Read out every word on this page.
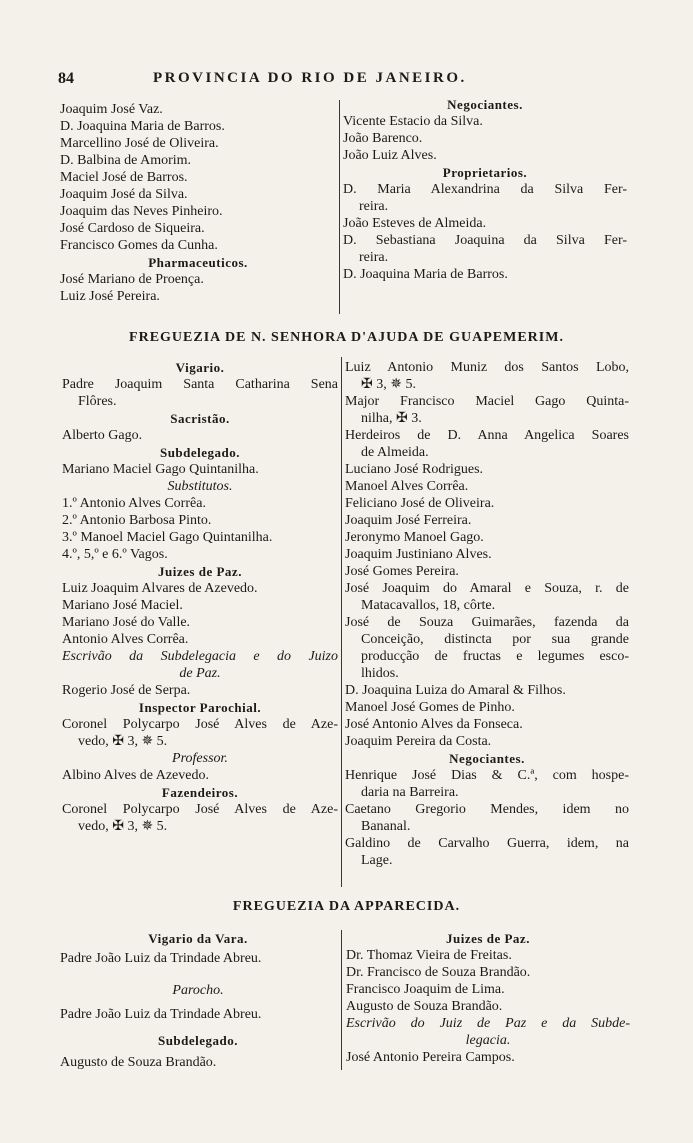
84	PROVINCIA DO RIO DE JANEIRO.
Joaquim José Vaz.
D. Joaquina Maria de Barros.
Marcellino José de Oliveira.
D. Balbina de Amorim.
Maciel José de Barros.
Joaquim José da Silva.
Joaquim das Neves Pinheiro.
José Cardoso de Siqueira.
Francisco Gomes da Cunha.
Pharmaceuticos.
José Mariano de Proença.
Luiz José Pereira.
Negociantes.
Vicente Estacio da Silva.
João Barenco.
João Luiz Alves.
Proprietarios.
D. Maria Alexandrina da Silva Fer-
reira.
João Esteves de Almeida.
D. Sebastiana Joaquina da Silva Fer-
reira.
D. Joaquina Maria de Barros.
FREGUEZIA DE N. SENHORA D'AJUDA DE GUAPEMERIM.
Vigario.
Padre Joaquim Santa Catharina Sena
Flôres.
Sacristão.
Alberto Gago.
Subdelegado.
Mariano Maciel Gago Quintanilha.
Substitutos.
1.º Antonio Alves Corrêa.
2.º Antonio Barbosa Pinto.
3.º Manoel Maciel Gago Quintanilha.
4.º, 5,º e 6.º Vagos.
Juizes de Paz.
Luiz Joaquim Alvares de Azevedo.
Mariano José Maciel.
Mariano José do Valle.
Antonio Alves Corrêa.
Escrivão da Subdelegacia e do Juizo
de Paz.
Rogerio José de Serpa.
Inspector Parochial.
Coronel Polycarpo José Alves de Aze-
vedo, ✠ 3, ✵ 5.
Professor.
Albino Alves de Azevedo.
Fazendeiros.
Coronel Polycarpo José Alves de Aze-
vedo, ✠ 3, ✵ 5.
Luiz Antonio Muniz dos Santos Lobo,
✠ 3, ✵ 5.
Major Francisco Maciel Gago Quinta-
nilha, ✠ 3.
Herdeiros de D. Anna Angelica Soares
de Almeida.
Luciano José Rodrigues.
Manoel Alves Corrêa.
Feliciano José de Oliveira.
Joaquim José Ferreira.
Jeronymo Manoel Gago.
Joaquim Justiniano Alves.
José Gomes Pereira.
José Joaquim do Amaral e Souza, r. de
Matacavallos, 18, côrte.
José de Souza Guimarães, fazenda da
Conceição, distincta por sua grande
producção de fructas e legumes esco-
lhidos.
D. Joaquina Luiza do Amaral & Filhos.
Manoel José Gomes de Pinho.
José Antonio Alves da Fonseca.
Joaquim Pereira da Costa.
Negociantes.
Henrique José Dias & C.ª, com hospe-
daria na Barreira.
Caetano Gregorio Mendes, idem no
Bananal.
Galdino de Carvalho Guerra, idem, na
Lage.
FREGUEZIA DA APPARECIDA.
Vigario da Vara.
Padre João Luiz da Trindade Abreu.
Parocho.
Padre João Luiz da Trindade Abreu.
Subdelegado.
Augusto de Souza Brandão.
Juizes de Paz.
Dr. Thomaz Vieira de Freitas.
Dr. Francisco de Souza Brandão.
Francisco Joaquim de Lima.
Augusto de Souza Brandão.
Escrivão do Juiz de Paz e da Subde-
legacia.
José Antonio Pereira Campos.
